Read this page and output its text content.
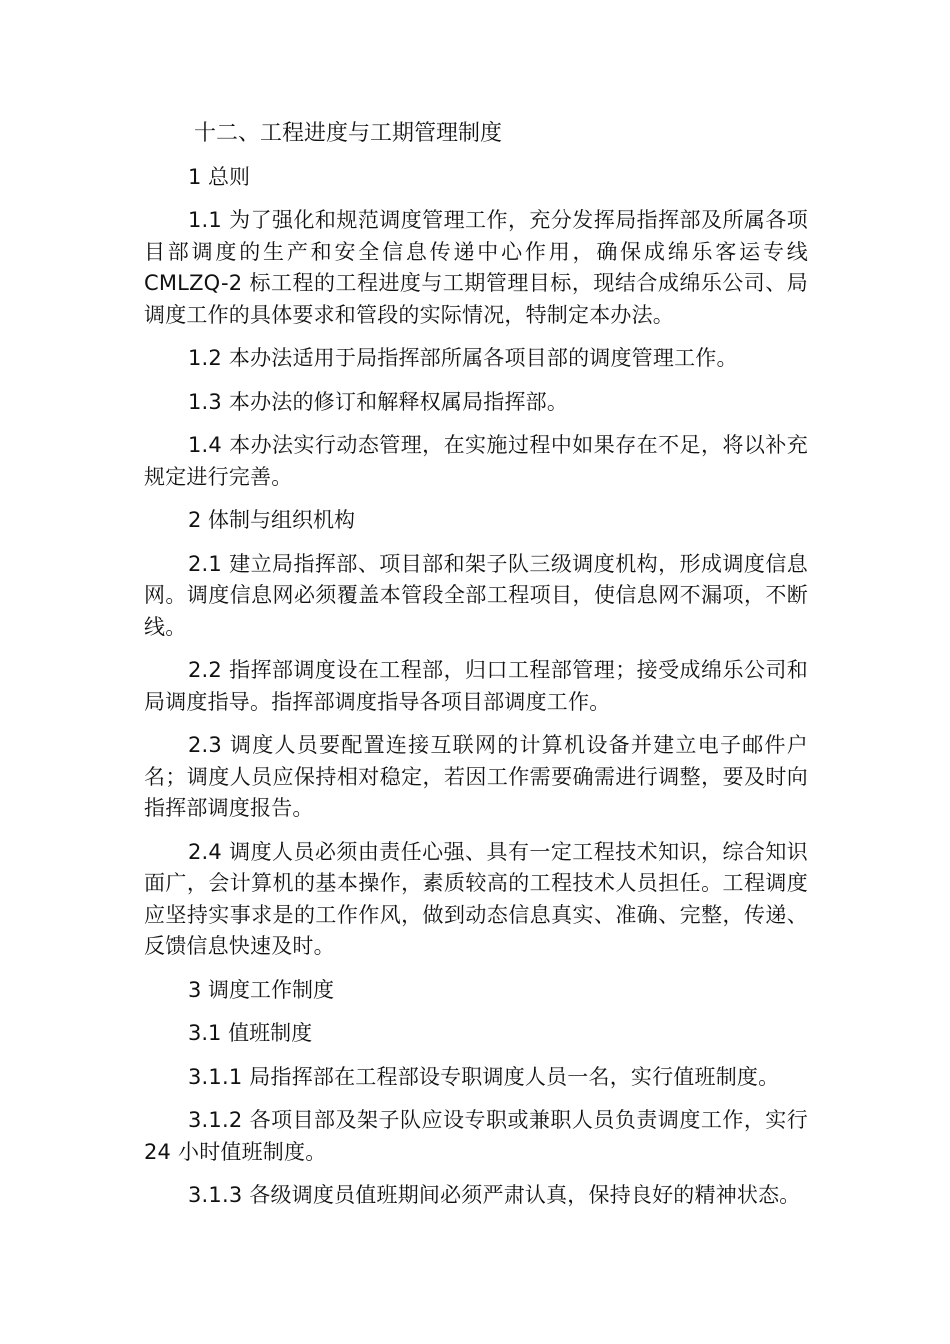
十二、工程进度与工期管理制度

1 总则

1.1 为了强化和规范调度管理工作，充分发挥局指挥部及所属各项目部调度的生产和安全信息传递中心作用，确保成绵乐客运专线 CMLZQ-2 标工程的工程进度与工期管理目标，现结合成绵乐公司、局调度工作的具体要求和管段的实际情况，特制定本办法。

1.2 本办法适用于局指挥部所属各项目部的调度管理工作。

1.3 本办法的修订和解释权属局指挥部。

1.4 本办法实行动态管理，在实施过程中如果存在不足，将以补充规定进行完善。

2 体制与组织机构

2.1 建立局指挥部、项目部和架子队三级调度机构，形成调度信息网。调度信息网必须覆盖本管段全部工程项目，使信息网不漏项，不断线。

2.2 指挥部调度设在工程部，归口工程部管理；接受成绵乐公司和局调度指导。指挥部调度指导各项目部调度工作。

2.3 调度人员要配置连接互联网的计算机设备并建立电子邮件户名；调度人员应保持相对稳定，若因工作需要确需进行调整，要及时向指挥部调度报告。

2.4 调度人员必须由责任心强、具有一定工程技术知识，综合知识面广，会计算机的基本操作，素质较高的工程技术人员担任。工程调度应坚持实事求是的工作作风，做到动态信息真实、准确、完整，传递、反馈信息快速及时。

3 调度工作制度

3.1 值班制度

3.1.1 局指挥部在工程部设专职调度人员一名，实行值班制度。

3.1.2 各项目部及架子队应设专职或兼职人员负责调度工作，实行 24 小时值班制度。

3.1.3 各级调度员值班期间必须严肃认真，保持良好的精神状态。
